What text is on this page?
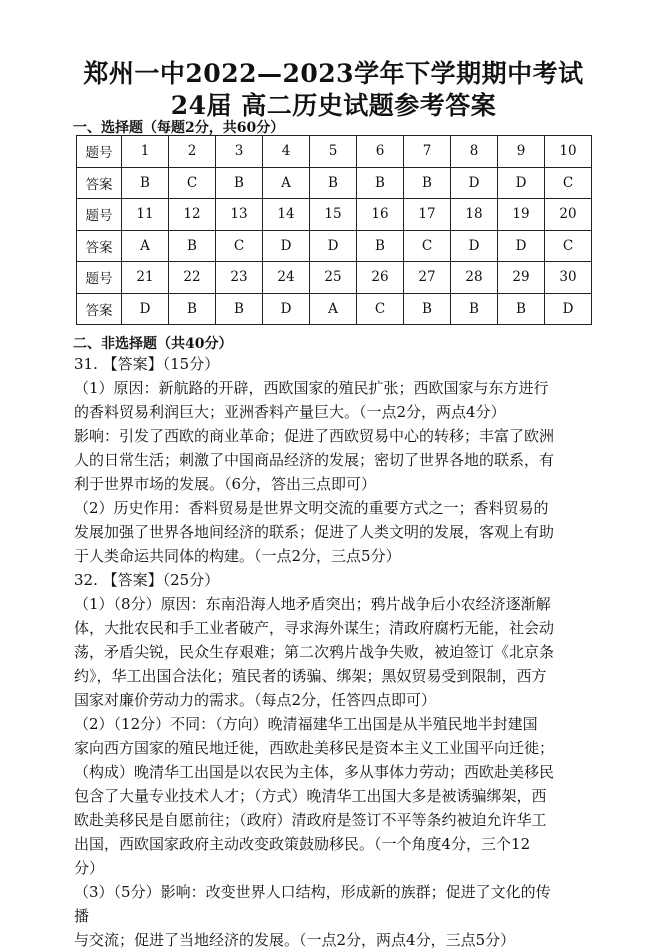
郑州一中2022—2023学年下学期期中考试
24届 高二历史试题参考答案
一、选择题（每题2分，共60分）
题号	1	2	3	4	5	6	7	8	9	10
答案	B	C	B	A	B	B	B	D	D	C
题号	11	12	13	14	15	16	17	18	19	20
答案	A	B	C	D	D	B	C	D	D	C
题号	21	22	23	24	25	26	27	28	29	30
答案	D	B	B	D	A	C	B	B	B	D
二、非选择题（共40分）

31. 【答案】（15分）

（1）原因：新航路的开辟，西欧国家的殖民扩张；西欧国家与东方进行

的香料贸易利润巨大；亚洲香料产量巨大。（一点2分，两点4分）

影响：引发了西欧的商业革命；促进了西欧贸易中心的转移；丰富了欧洲

人的日常生活；刺激了中国商品经济的发展；密切了世界各地的联系，有

利于世界市场的发展。（6分，答出三点即可）

（2）历史作用：香料贸易是世界文明交流的重要方式之一；香料贸易的

发展加强了世界各地间经济的联系；促进了人类文明的发展，客观上有助

于人类命运共同体的构建。（一点2分，三点5分）

32. 【答案】（25分）

（1）（8分）原因：东南沿海人地矛盾突出；鸦片战争后小农经济逐渐解

体，大批农民和手工业者破产，寻求海外谋生；清政府腐朽无能，社会动

荡，矛盾尖锐，民众生存艰难；第二次鸦片战争失败，被迫签订《北京条

约》，华工出国合法化；殖民者的诱骗、绑架；黑奴贸易受到限制，西方

国家对廉价劳动力的需求。（每点2分，任答四点即可）

（2）（12分）不同：（方向）晚清福建华工出国是从半殖民地半封建国

家向西方国家的殖民地迁徙，西欧赴美移民是资本主义工业国平向迁徙；

（构成）晚清华工出国是以农民为主体，多从事体力劳动；西欧赴美移民

包含了大量专业技术人才；（方式）晚清华工出国大多是被诱骗绑架，西

欧赴美移民是自愿前往；（政府）清政府是签订不平等条约被迫允许华工

出国，西欧国家政府主动改变政策鼓励移民。（一个角度4分，三个12

分）

（3）（5分）影响：改变世界人口结构，形成新的族群；促进了文化的传

播

与交流；促进了当地经济的发展。（一点2分，两点4分，三点5分）
